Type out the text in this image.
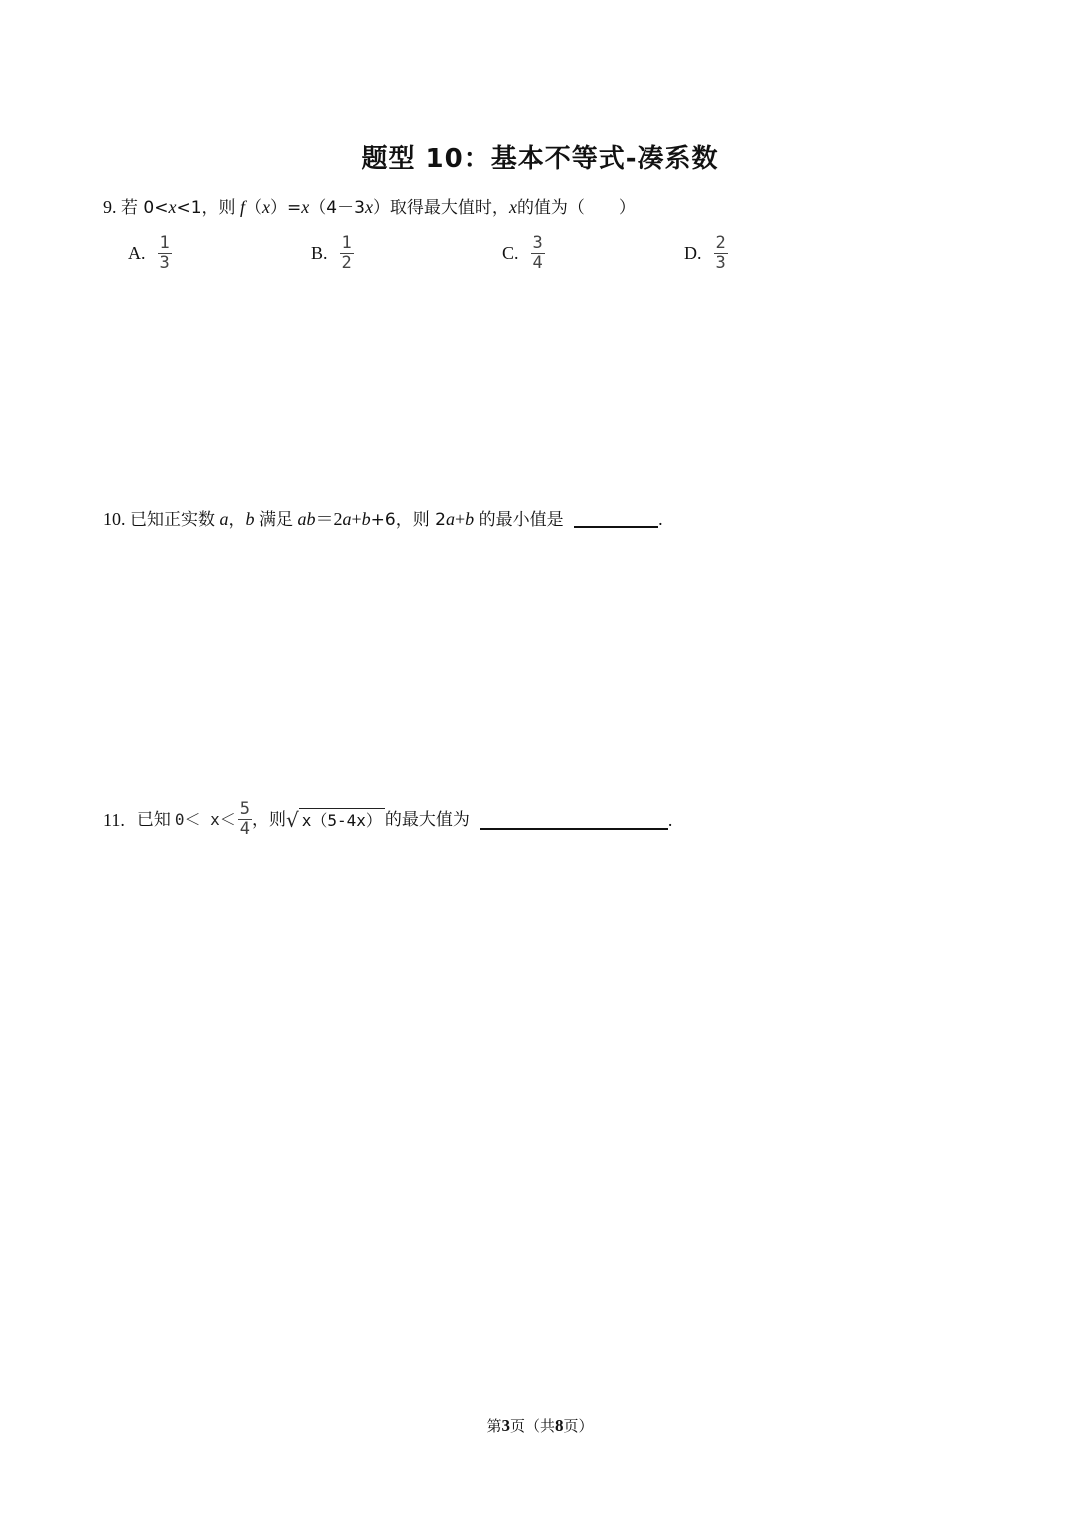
题型 10：基本不等式-凑系数
9. 若 0<x<1，则 f（x）=x（4－3x）取得最大值时，x的值为（　　）
A. $\frac{1}{3}$	B. $\frac{1}{2}$	C. $\frac{3}{4}$	D. $\frac{2}{3}$
10. 已知正实数 a，b 满足 ab＝2a+b+6，则 2a+b 的最小值是	.
11. 已知 $0< x< \frac{5}{4}$ ，则 √ x（5-4x） 的最大值为	.
第3页（共8页）
